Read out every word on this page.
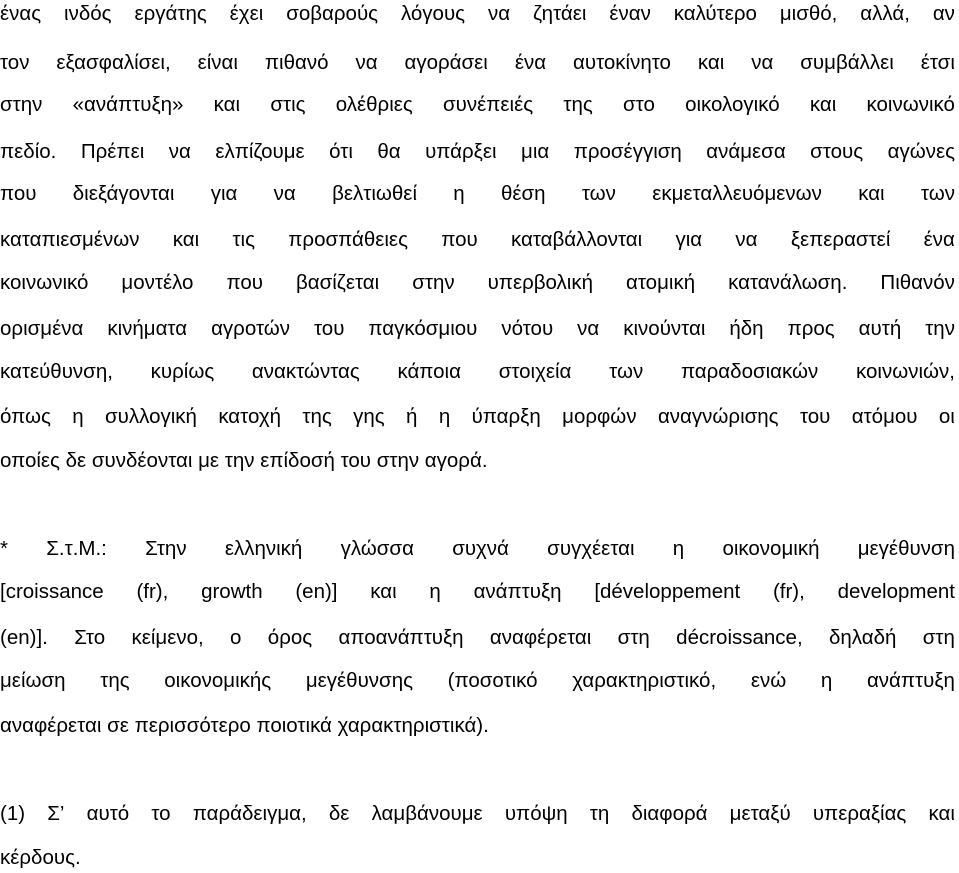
ένας ινδός εργάτης έχει σοβαρούς λόγους να ζητάει έναν καλύτερο μισθό, αλλά, αν
τον εξασφαλίσει, είναι πιθανό να αγοράσει ένα αυτοκίνητο και να συμβάλλει έτσι
στην «ανάπτυξη» και στις ολέθριες συνέπειές της στο οικολογικό και κοινωνικό
πεδίο. Πρέπει να ελπίζουμε ότι θα υπάρξει μια προσέγγιση ανάμεσα στους αγώνες
που διεξάγονται για να βελτιωθεί η θέση των εκμεταλλευόμενων και των
καταπιεσμένων και τις προσπάθειες που καταβάλλονται για να ξεπεραστεί ένα
κοινωνικό μοντέλο που βασίζεται στην υπερβολική ατομική κατανάλωση. Πιθανόν
ορισμένα κινήματα αγροτών του παγκόσμιου νότου να κινούνται ήδη προς αυτή την
κατεύθυνση, κυρίως ανακτώντας κάποια στοιχεία των παραδοσιακών κοινωνιών,
όπως η συλλογική κατοχή της γης ή η ύπαρξη μορφών αναγνώρισης του ατόμου οι
οποίες δε συνδέονται με την επίδοσή του στην αγορά.
* Σ.τ.Μ.: Στην ελληνική γλώσσα συχνά συγχέεται η οικονομική μεγέθυνση
[croissance (fr), growth (en)] και η ανάπτυξη [développement (fr), development
(en)]. Στο κείμενο, ο όρος αποανάπτυξη αναφέρεται στη décroissance, δηλαδή στη
μείωση της οικονομικής μεγέθυνσης (ποσοτικό χαρακτηριστικό, ενώ η ανάπτυξη
αναφέρεται σε περισσότερο ποιοτικά χαρακτηριστικά).
(1) Σ’ αυτό το παράδειγμα, δε λαμβάνουμε υπόψη τη διαφορά μεταξύ υπεραξίας και
κέρδους.
